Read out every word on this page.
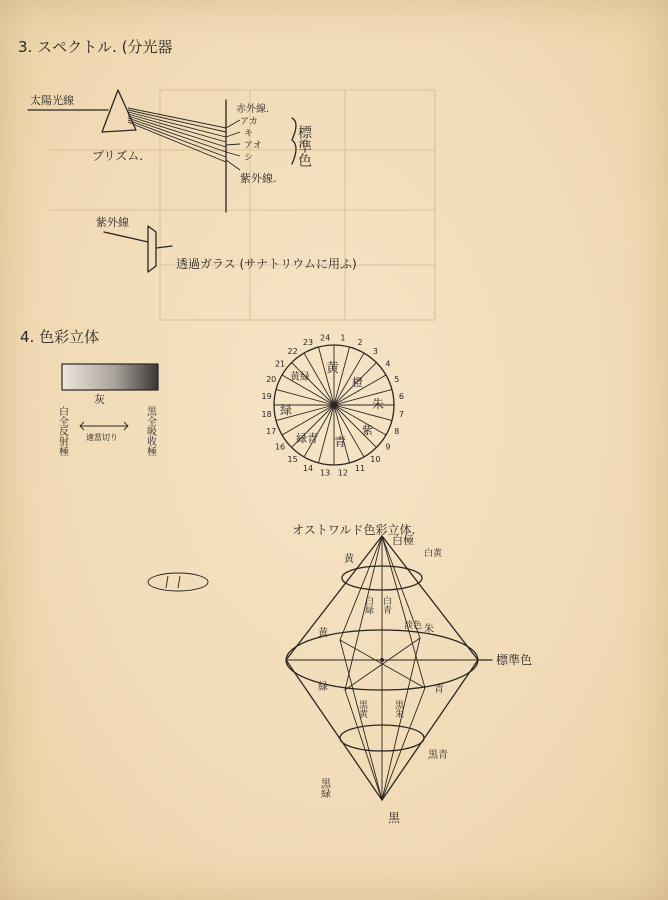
3. スペクトル. (分光器
太陽光線
プリズム.
赤外線.
アカ
キ
アオ
シ
紫外線.
標準色
紫外線
透過ガラス (サナトリウムに用ふ)
4. 色彩立体
灰
白全反射極	黒全吸收極
適當切り
1
2
3
4
5
6
7
8
9
10
11
12
13
14
15
16
17
18
19
20
21
22
23
24
黄
橙
朱
紫
青
緑青
緑
黄緑
オストワルド色彩立体.
白極
白黄
黄
白緑 白青
淡色 朱
黄
標準色
緑	青
黒黄	黒朱
黒青
黒緑
黒
